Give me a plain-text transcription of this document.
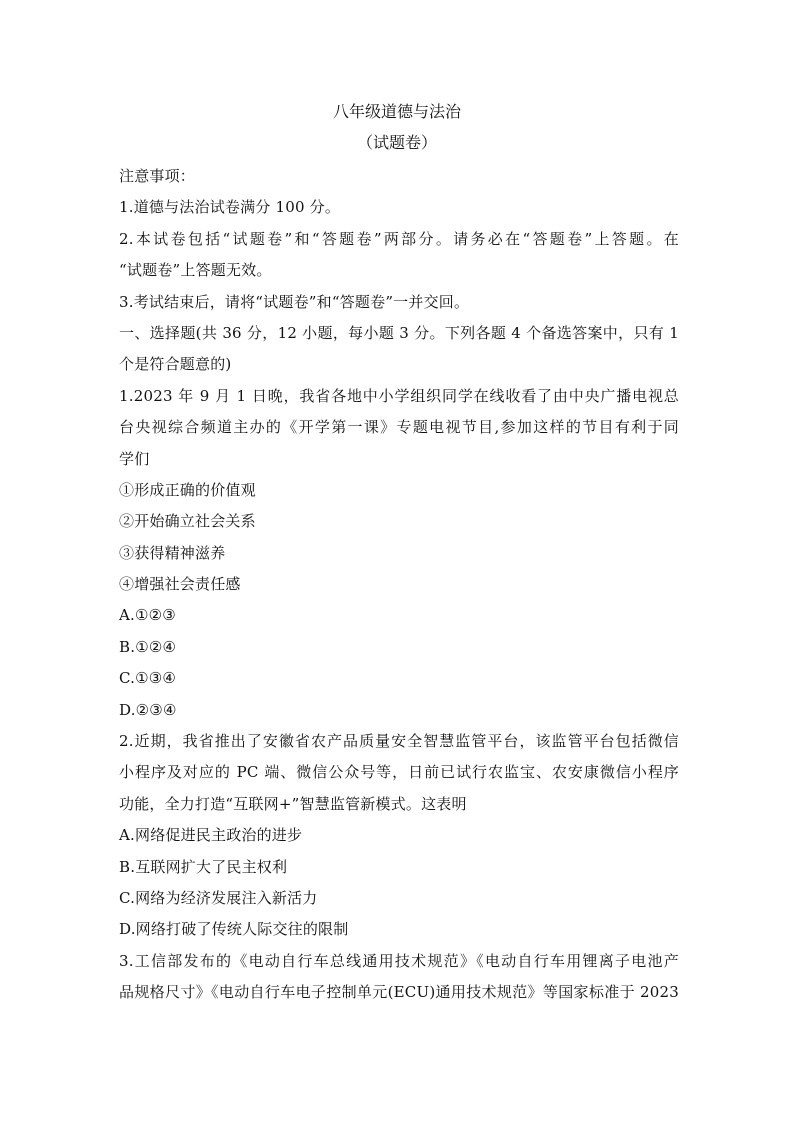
八年级道德与法治
（试题卷）
注意事项：
1.道德与法治试卷满分 100 分。
2.本试卷包括“试题卷”和“答题卷”两部分。请务必在“答题卷”上答题。在
“试题卷”上答题无效。
3.考试结束后，请将“试题卷”和“答题卷”一并交回。
一、选择题(共 36 分，12 小题，每小题 3 分。下列各题 4 个备选答案中，只有 1
个是符合题意的)
1.2023 年 9 月 1 日晚，我省各地中小学组织同学在线收看了由中央广播电视总
台央视综合频道主办的《开学第一课》专题电视节目,参加这样的节目有利于同
学们
①形成正确的价值观
②开始确立社会关系
③获得精神滋养
④增强社会责任感
A.①②③
B.①②④
C.①③④
D.②③④
2.近期，我省推出了安徽省农产品质量安全智慧监管平台，该监管平台包括微信
小程序及对应的 PC 端、微信公众号等，日前已试行农监宝、农安康微信小程序
功能，全力打造“互联网+”智慧监管新模式。这表明
A.网络促进民主政治的进步
B.互联网扩大了民主权利
C.网络为经济发展注入新活力
D.网络打破了传统人际交往的限制
3.工信部发布的《电动自行车总线通用技术规范》《电动自行车用锂离子电池产
品规格尺寸》《电动自行车电子控制单元(ECU)通用技术规范》等国家标准于 2023
